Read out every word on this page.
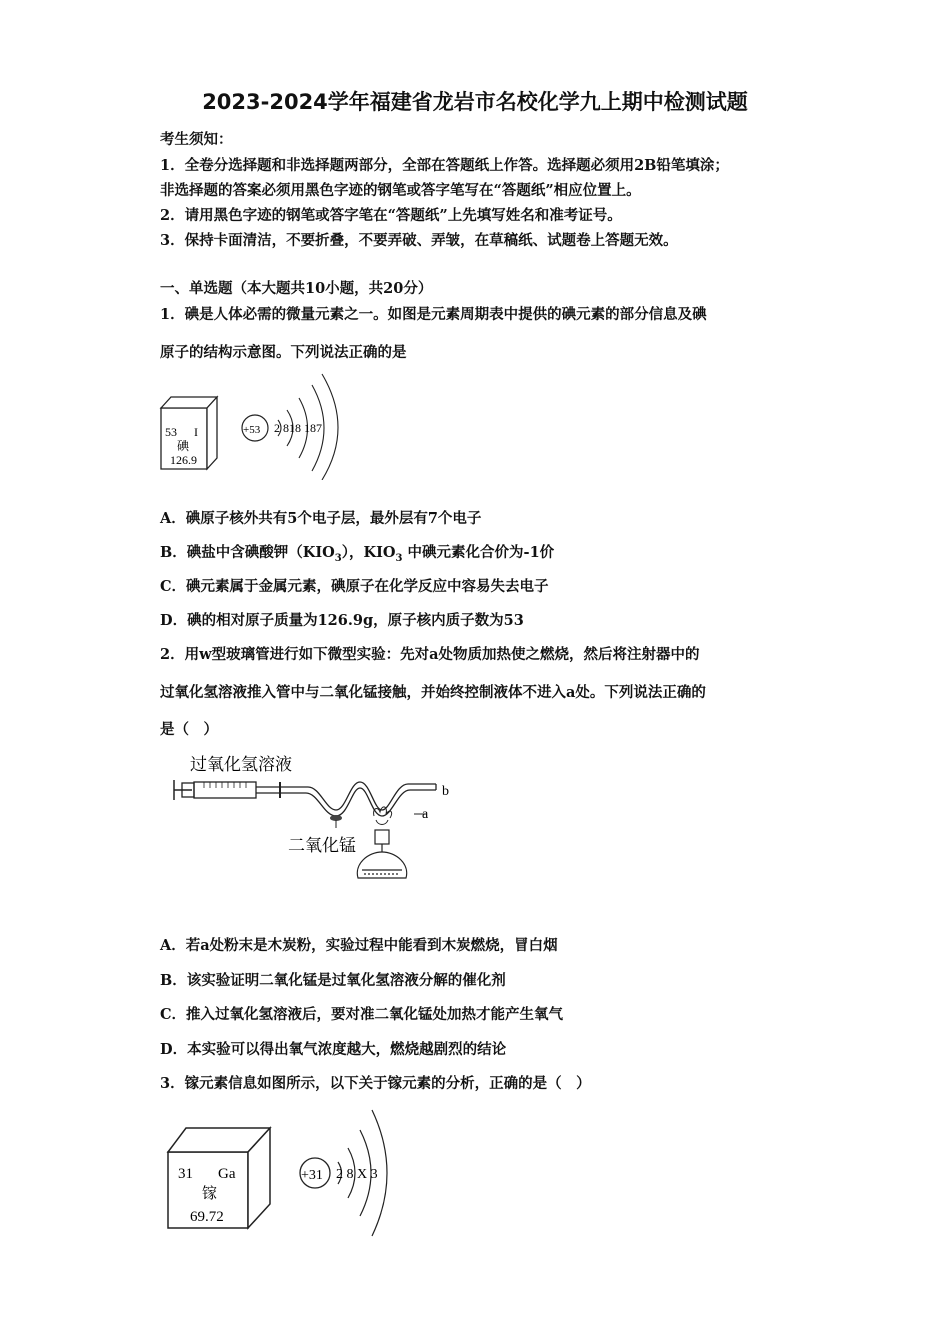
2023-2024学年福建省龙岩市名校化学九上期中检测试题
考生须知：
1．全卷分选择题和非选择题两部分，全部在答题纸上作答。选择题必须用2B铅笔填涂；
非选择题的答案必须用黑色字迹的钢笔或答字笔写在“答题纸”相应位置上。
2．请用黑色字迹的钢笔或答字笔在“答题纸”上先填写姓名和准考证号。
3．保持卡面清洁，不要折叠，不要弄破、弄皱，在草稿纸、试题卷上答题无效。
一、单选题（本大题共10小题，共20分）
1．碘是人体必需的微量元素之一。如图是元素周期表中提供的碘元素的部分信息及碘
原子的结构示意图。下列说法正确的是
53 I
碘
126.9
+53 2 818 187
A．碘原子核外共有5个电子层，最外层有7个电子
B．碘盐中含碘酸钾$(KIO_3)$，$KIO_3$ 中碘元素化合价为-1价
C．碘元素属于金属元素，碘原子在化学反应中容易失去电子
D．碘的相对原子质量为126.9g，原子核内质子数为53
2．用w型玻璃管进行如下微型实验：先对a处物质加热使之燃烧，然后将注射器中的
过氧化氢溶液推入管中与二氧化锰接触，并始终控制液体不进入a处。下列说法正确的
是（　）
过氧化氢溶液
二氧化锰
a
b
A．若a处粉末是木炭粉，实验过程中能看到木炭燃烧，冒白烟
B．该实验证明二氧化锰是过氧化氢溶液分解的催化剂
C．推入过氧化氢溶液后，要对准二氧化锰处加热才能产生氧气
D．本实验可以得出氧气浓度越大，燃烧越剧烈的结论
3．镓元素信息如图所示，以下关于镓元素的分析，正确的是（　）
31 Ga
镓
69.72
+31 2 8 X 3
